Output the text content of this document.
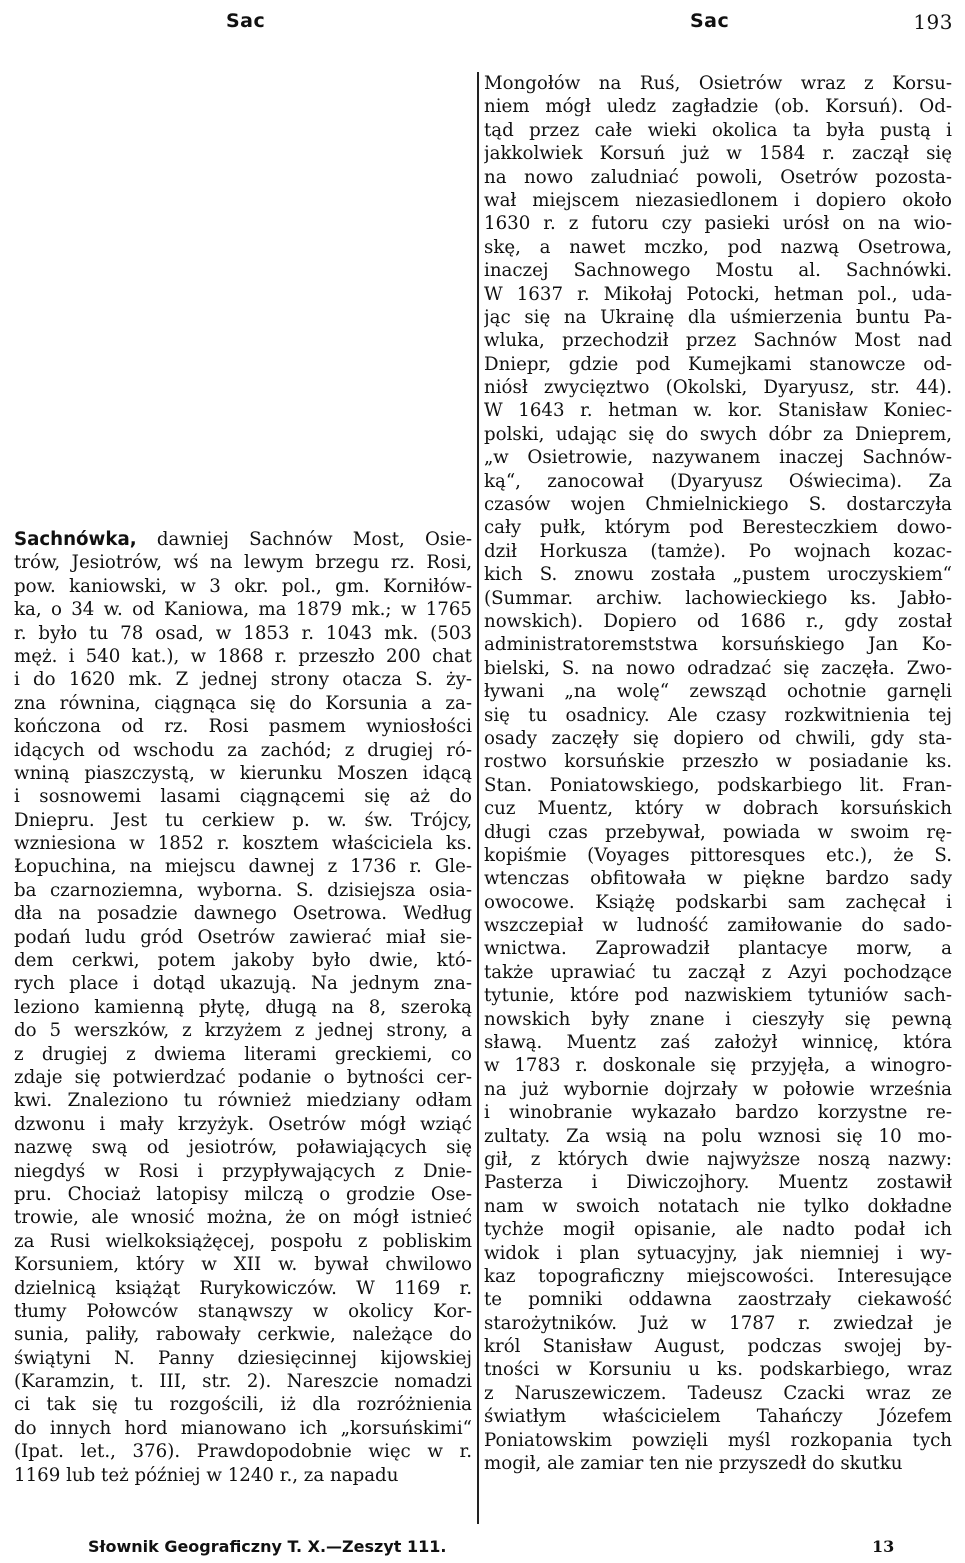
Sac	Sac	193
Sachnówka, dawniej Sachnów Most, Osie-
trów, Jesiotrów, wś na lewym brzegu rz. Rosi,
pow. kaniowski, w 3 okr. pol., gm. Korniłów-
ka, o 34 w. od Kaniowa, ma 1879 mk.; w 1765
r. było tu 78 osad, w 1853 r. 1043 mk. (503
męż. i 540 kat.), w 1868 r. przeszło 200 chat
i do 1620 mk. Z jednej strony otacza S. ży-
zna równina, ciągnąca się do Korsunia a za-
kończona od rz. Rosi pasmem wyniosłości
idących od wschodu za zachód; z drugiej ró-
wniną piaszczystą, w kierunku Moszen idącą
i sosnowemi lasami ciągnącemi się aż do
Dniepru. Jest tu cerkiew p. w. św. Trójcy,
wzniesiona w 1852 r. kosztem właściciela ks.
Łopuchina, na miejscu dawnej z 1736 r. Gle-
ba czarnoziemna, wyborna. S. dzisiejsza osia-
dła na posadzie dawnego Osetrowa. Według
podań ludu gród Osetrów zawierać miał sie-
dem cerkwi, potem jakoby było dwie, któ-
rych place i dotąd ukazują. Na jednym zna-
leziono kamienną płytę, długą na 8, szeroką
do 5 werszków, z krzyżem z jednej strony, a
z drugiej z dwiema literami greckiemi, co
zdaje się potwierdzać podanie o bytności cer-
kwi. Znaleziono tu również miedziany odłam
dzwonu i mały krzyżyk. Osetrów mógł wziąć
nazwę swą od jesiotrów, poławiających się
niegdyś w Rosi i przypływających z Dnie-
pru. Chociaż latopisy milczą o grodzie Ose-
trowie, ale wnosić można, że on mógł istnieć
za Rusi wielkoksiążęcej, pospołu z pobliskim
Korsuniem, który w XII w. bywał chwilowo
dzielnicą książąt Rurykowiczów. W 1169 r.
tłumy Połowców stanąwszy w okolicy Kor-
sunia, paliły, rabowały cerkwie, należące do
świątyni N. Panny dziesięcinnej kijowskiej
(Karamzin, t. III, str. 2). Nareszcie nomadzi
ci tak się tu rozgościli, iż dla rozróżnienia
do innych hord mianowano ich „korsuńskimi“
(Ipat. let., 376). Prawdopodobnie więc w r.
1169 lub też później w 1240 r., za napadu
Mongołów na Ruś, Osietrów wraz z Korsu-
niem mógł uledz zagładzie (ob. Korsuń). Od-
tąd przez całe wieki okolica ta była pustą i
jakkolwiek Korsuń już w 1584 r. zaczął się
na nowo zaludniać powoli, Osetrów pozosta-
wał miejscem niezasiedlonem i dopiero około
1630 r. z futoru czy pasieki urósł on na wio-
skę, a nawet mczko, pod nazwą Osetrowa,
inaczej Sachnowego Mostu al. Sachnówki.
W 1637 r. Mikołaj Potocki, hetman pol., uda-
jąc się na Ukrainę dla uśmierzenia buntu Pa-
wluka, przechodził przez Sachnów Most nad
Dniepr, gdzie pod Kumejkami stanowcze od-
niósł zwycięztwo (Okolski, Dyaryusz, str. 44).
W 1643 r. hetman w. kor. Stanisław Koniec-
polski, udając się do swych dóbr za Dnieprem,
„w Osietrowie, nazywanem inaczej Sachnów-
ką“, zanocował (Dyaryusz Oświecima). Za
czasów wojen Chmielnickiego S. dostarczyła
cały pułk, którym pod Beresteczkiem dowo-
dził Horkusza (tamże). Po wojnach kozac-
kich S. znowu została „pustem uroczyskiem“
(Summar. archiw. lachowieckiego ks. Jabło-
nowskich). Dopiero od 1686 r., gdy został
administratoremststwa korsuńskiego Jan Ko-
bielski, S. na nowo odradzać się zaczęła. Zwo-
ływani „na wolę“ zewsząd ochotnie garnęli
się tu osadnicy. Ale czasy rozkwitnienia tej
osady zaczęły się dopiero od chwili, gdy sta-
rostwo korsuńskie przeszło w posiadanie ks.
Stan. Poniatowskiego, podskarbiego lit. Fran-
cuz Muentz, który w dobrach korsuńskich
długi czas przebywał, powiada w swoim rę-
kopiśmie (Voyages pittoresques etc.), że S.
wtenczas obfitowała w piękne bardzo sady
owocowe. Książę podskarbi sam zachęcał i
wszczepiał w ludność zamiłowanie do sado-
wnictwa. Zaprowadził plantacye morw, a
także uprawiać tu zaczął z Azyi pochodzące
tytunie, które pod nazwiskiem tytuniów sach-
nowskich były znane i cieszyły się pewną
sławą. Muentz zaś założył winnicę, która
w 1783 r. doskonale się przyjęła, a winogro-
na już wybornie dojrzały w połowie września
i winobranie wykazało bardzo korzystne re-
zultaty. Za wsią na polu wznosi się 10 mo-
gił, z których dwie najwyższe noszą nazwy:
Pasterza i Diwiczojhory. Muentz zostawił
nam w swoich notatach nie tylko dokładne
tychże mogił opisanie, ale nadto podał ich
widok i plan sytuacyjny, jak niemniej i wy-
kaz topograficzny miejscowości. Interesujące
te pomniki oddawna zaostrzały ciekawość
starożytników. Już w 1787 r. zwiedzał je
król Stanisław August, podczas swojej by-
tności w Korsuniu u ks. podskarbiego, wraz
z Naruszewiczem. Tadeusz Czacki wraz ze
światłym właścicielem Tahańczy Józefem
Poniatowskim powzięli myśl rozkopania tych
mogił, ale zamiar ten nie przyszedł do skutku
Słownik Geograficzny T. X.—Zeszyt 111.	13
